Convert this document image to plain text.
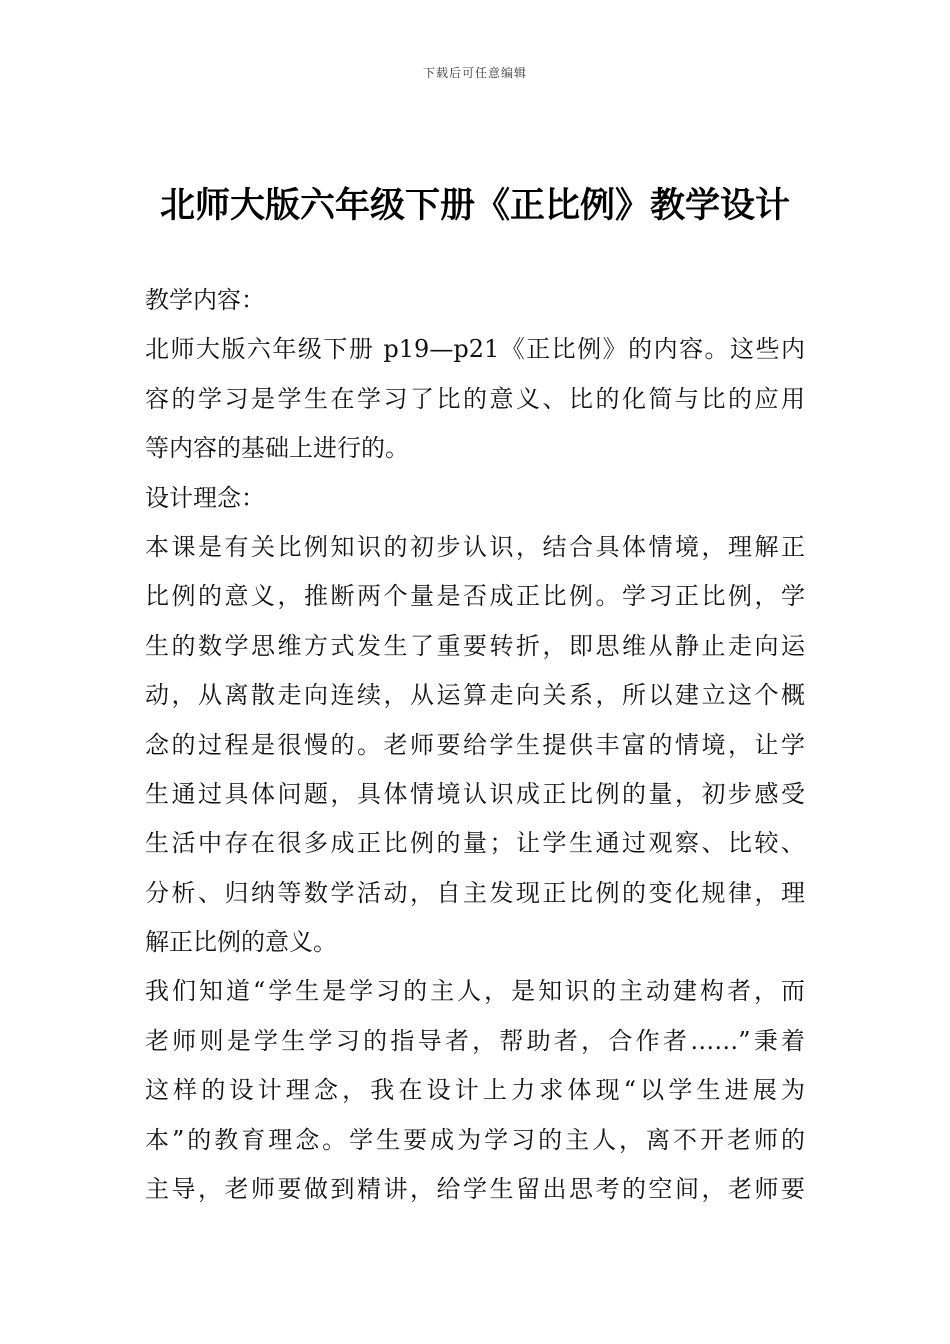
下载后可任意编辑
北师大版六年级下册《正比例》教学设计
教学内容：
北师大版六年级下册 p19—p21《正比例》的内容。这些内
容的学习是学生在学习了比的意义、比的化简与比的应用
等内容的基础上进行的。
设计理念：
本课是有关比例知识的初步认识，结合具体情境，理解正
比例的意义，推断两个量是否成正比例。学习正比例，学
生的数学思维方式发生了重要转折，即思维从静止走向运
动，从离散走向连续，从运算走向关系，所以建立这个概
念的过程是很慢的。老师要给学生提供丰富的情境，让学
生通过具体问题，具体情境认识成正比例的量，初步感受
生活中存在很多成正比例的量；让学生通过观察、比较、
分析、归纳等数学活动，自主发现正比例的变化规律，理
解正比例的意义。
我们知道“学生是学习的主人，是知识的主动建构者，而
老师则是学生学习的指导者，帮助者，合作者……”秉着
这样的设计理念，我在设计上力求体现“以学生进展为
本”的教育理念。学生要成为学习的主人，离不开老师的
主导，老师要做到精讲，给学生留出思考的空间，老师要
